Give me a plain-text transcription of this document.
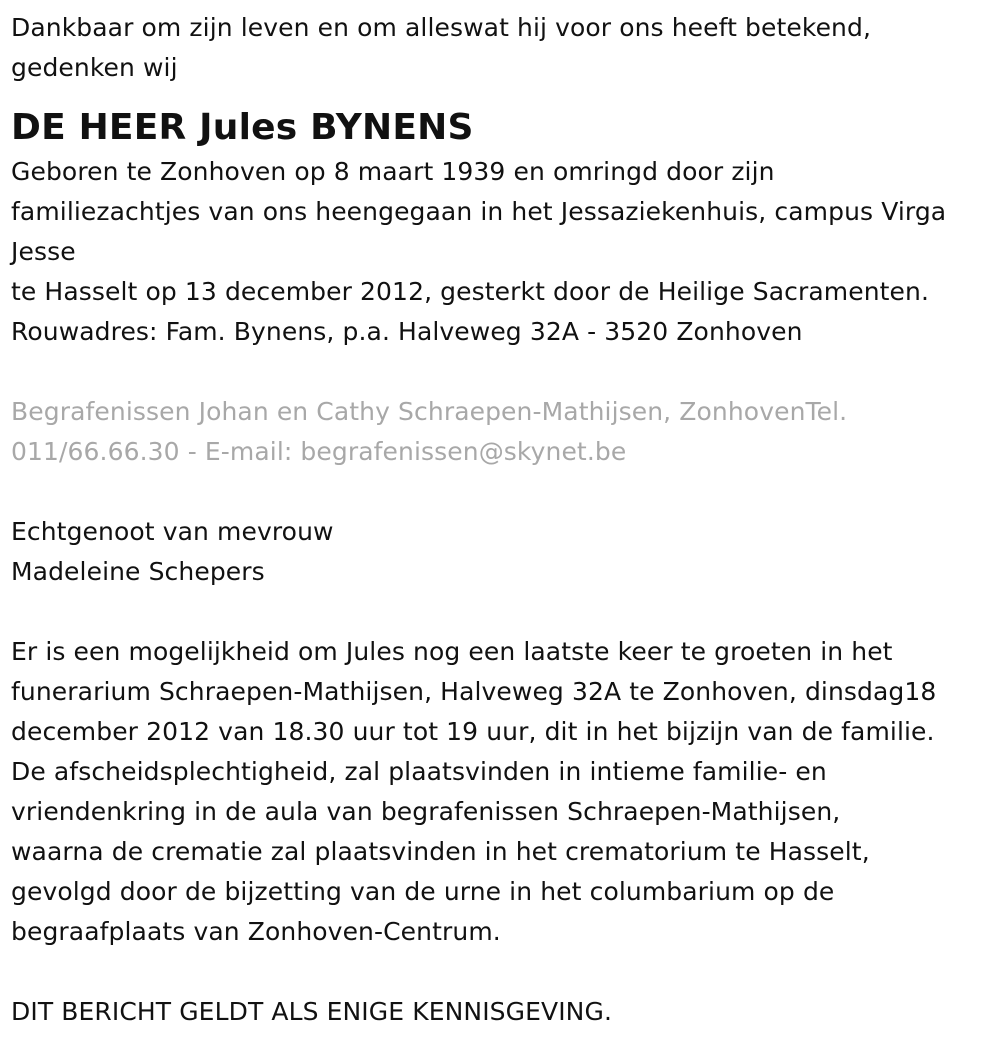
Dankbaar om zijn leven en om alleswat hij voor ons heeft betekend,
gedenken wij
DE HEER Jules BYNENS
Geboren te Zonhoven op 8 maart 1939 en omringd door zijn
familiezachtjes van ons heengegaan in het Jessaziekenhuis, campus Virga
Jesse
te Hasselt op 13 december 2012, gesterkt door de Heilige Sacramenten.
Rouwadres: Fam. Bynens, p.a. Halveweg 32A - 3520 Zonhoven
Begrafenissen Johan en Cathy Schraepen-Mathijsen, ZonhovenTel.
011/66.66.30 - E-mail: begrafenissen@skynet.be
Echtgenoot van mevrouw
Madeleine Schepers
Er is een mogelijkheid om Jules nog een laatste keer te groeten in het
funerarium Schraepen-Mathijsen, Halveweg 32A te Zonhoven, dinsdag18
december 2012 van 18.30 uur tot 19 uur, dit in het bijzijn van de familie.
De afscheidsplechtigheid, zal plaatsvinden in intieme familie- en
vriendenkring in de aula van begrafenissen Schraepen-Mathijsen,
waarna de crematie zal plaatsvinden in het crematorium te Hasselt,
gevolgd door de bijzetting van de urne in het columbarium op de
begraafplaats van Zonhoven-Centrum.
DIT BERICHT GELDT ALS ENIGE KENNISGEVING.
